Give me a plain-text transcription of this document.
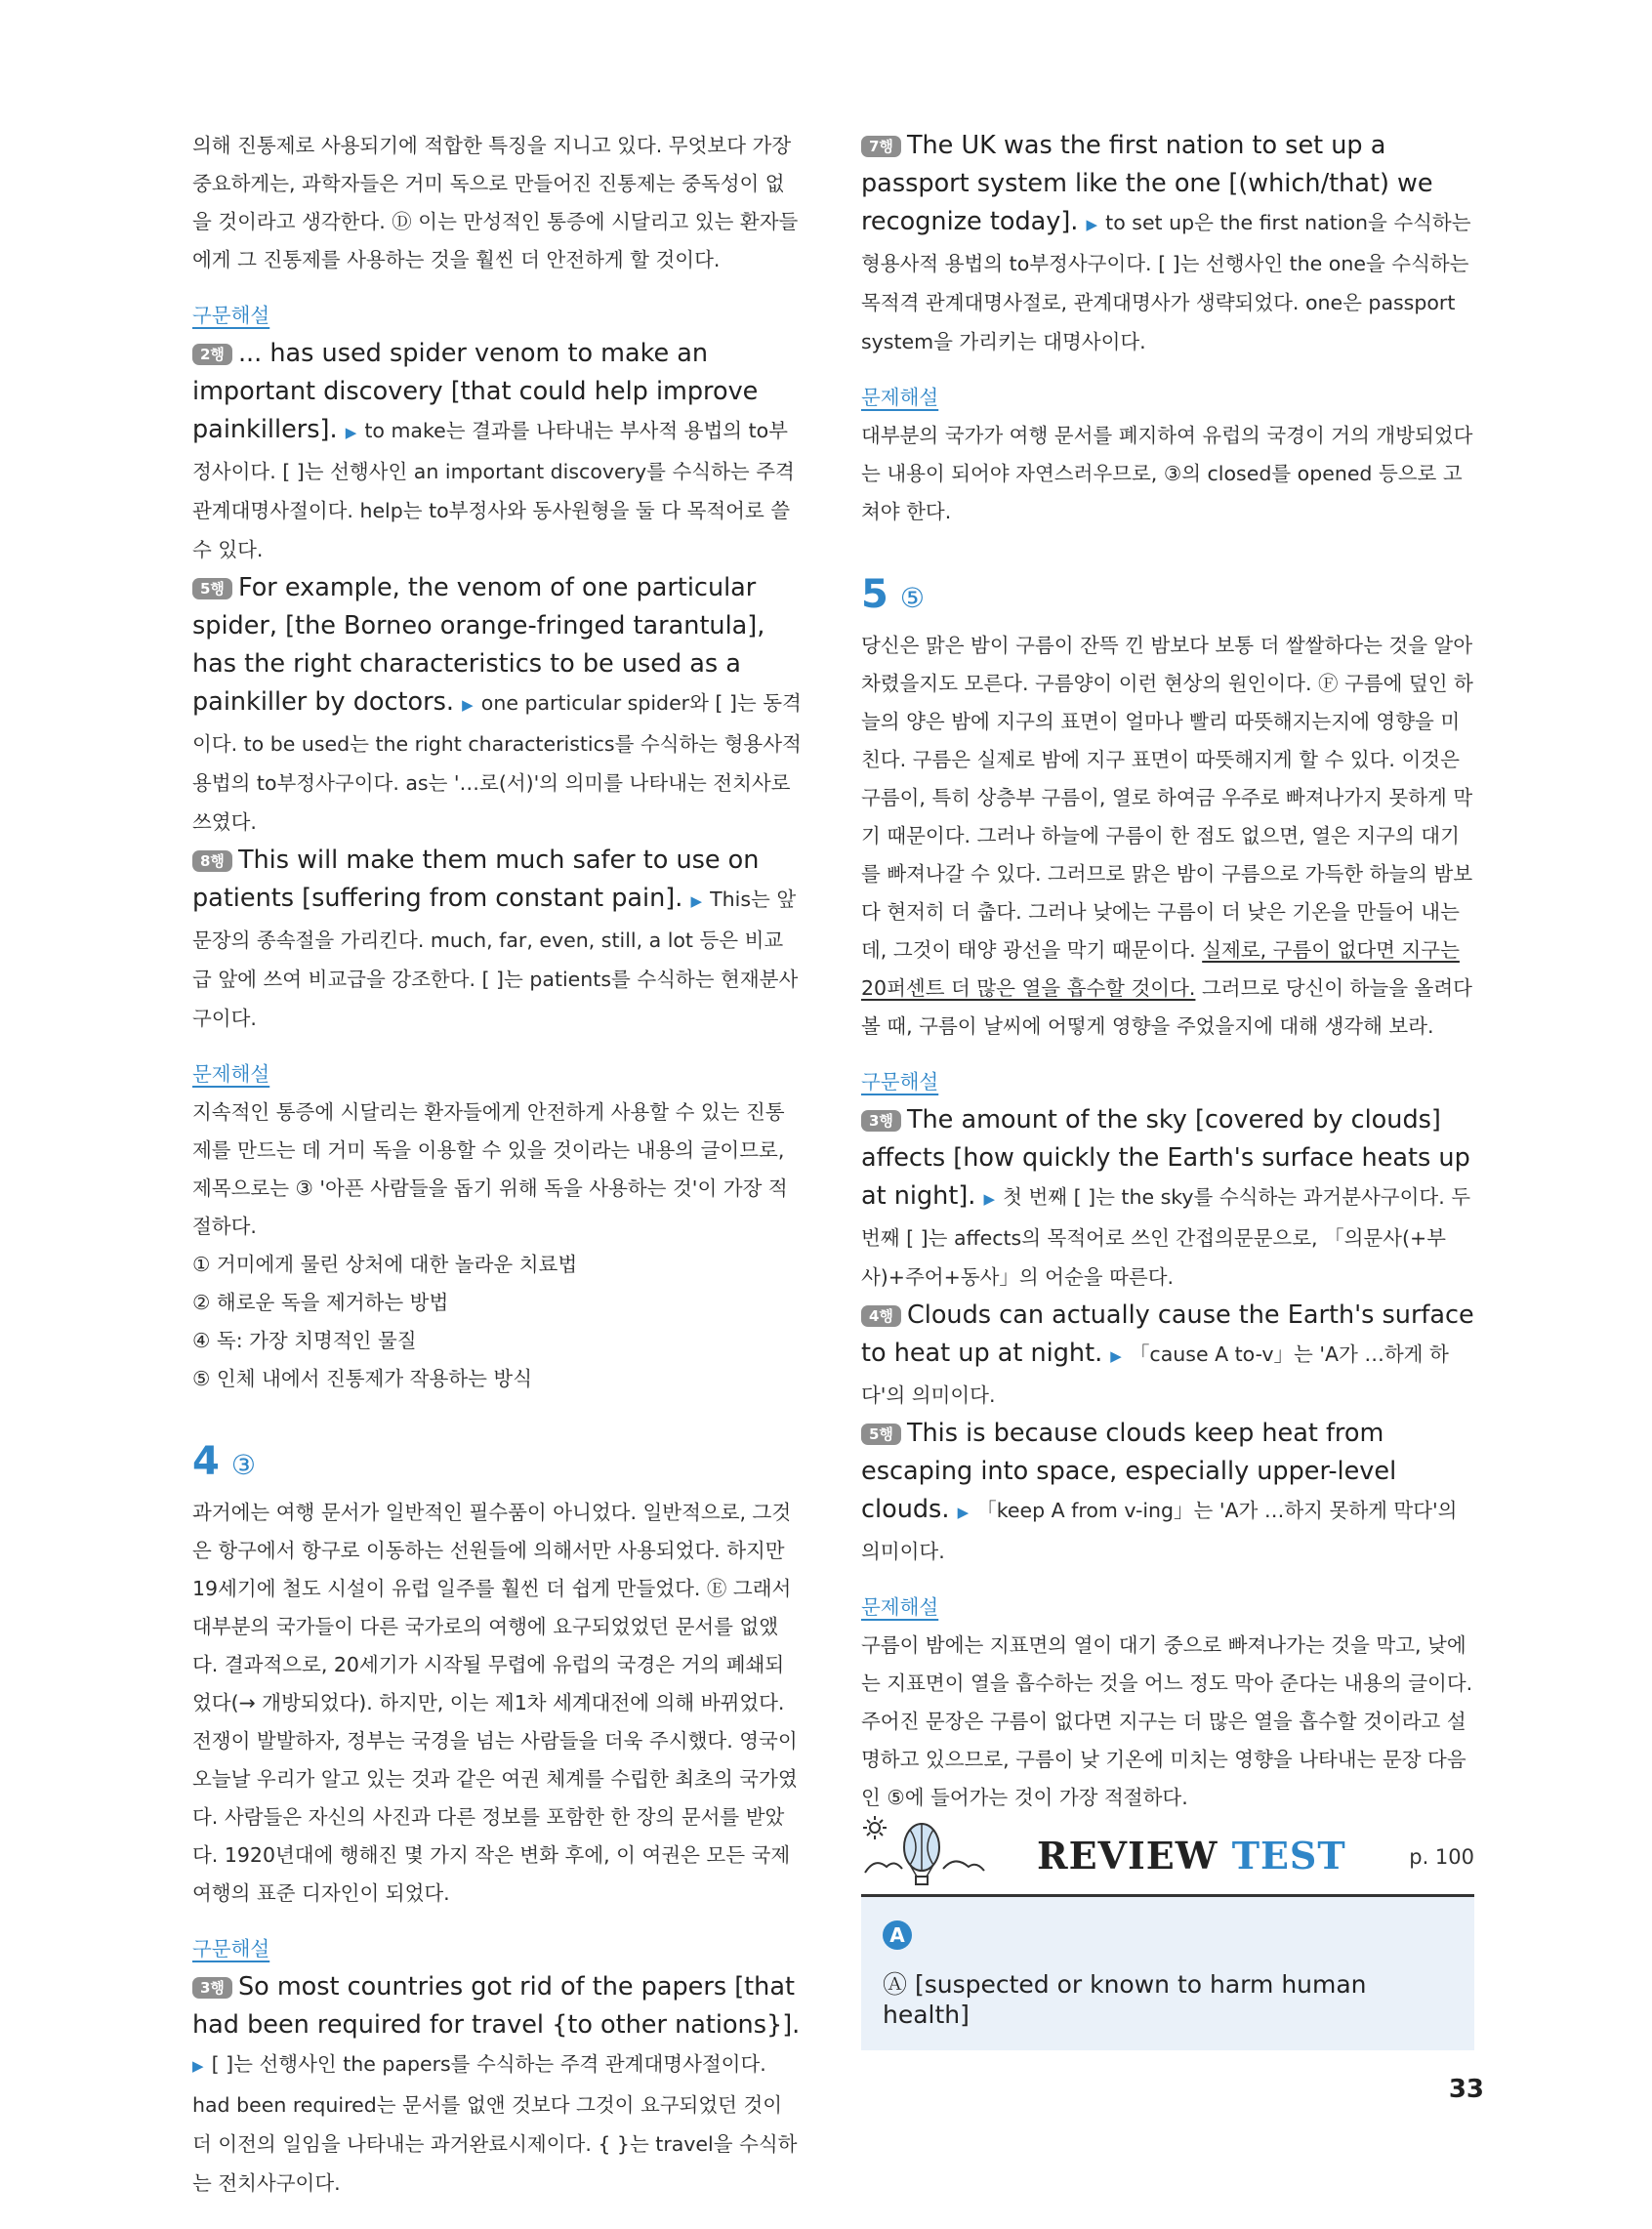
의해 진통제로 사용되기에 적합한 특징을 지니고 있다. 무엇보다 가장 중요하게는, 과학자들은 거미 독으로 만들어진 진통제는 중독성이 없을 것이라고 생각한다. Ⓓ 이는 만성적인 통증에 시달리고 있는 환자들에게 그 진통제를 사용하는 것을 훨씬 더 안전하게 할 것이다.

구문해설

2행 ... has used spider venom to make an important discovery [that could help improve painkillers]. ▶ to make는 결과를 나타내는 부사적 용법의 to부정사이다. [ ]는 선행사인 an important discovery를 수식하는 주격 관계대명사절이다. help는 to부정사와 동사원형을 둘 다 목적어로 쓸 수 있다.

5행 For example, the venom of one particular spider, [the Borneo orange-fringed tarantula], has the right characteristics to be used as a painkiller by doctors. ▶ one particular spider와 [ ]는 동격이다. to be used는 the right characteristics를 수식하는 형용사적 용법의 to부정사구이다. as는 '…로(서)'의 의미를 나타내는 전치사로 쓰였다.

8행 This will make them much safer to use on patients [suffering from constant pain]. ▶ This는 앞 문장의 종속절을 가리킨다. much, far, even, still, a lot 등은 비교급 앞에 쓰여 비교급을 강조한다. [ ]는 patients를 수식하는 현재분사구이다.

문제해설

지속적인 통증에 시달리는 환자들에게 안전하게 사용할 수 있는 진통제를 만드는 데 거미 독을 이용할 수 있을 것이라는 내용의 글이므로, 제목으로는 ③ '아픈 사람들을 돕기 위해 독을 사용하는 것'이 가장 적절하다.

① 거미에게 물린 상처에 대한 놀라운 치료법

② 해로운 독을 제거하는 방법

④ 독: 가장 치명적인 물질

⑤ 인체 내에서 진통제가 작용하는 방식

4 ③

과거에는 여행 문서가 일반적인 필수품이 아니었다. 일반적으로, 그것은 항구에서 항구로 이동하는 선원들에 의해서만 사용되었다. 하지만 19세기에 철도 시설이 유럽 일주를 훨씬 더 쉽게 만들었다. Ⓔ 그래서 대부분의 국가들이 다른 국가로의 여행에 요구되었었던 문서를 없앴다. 결과적으로, 20세기가 시작될 무렵에 유럽의 국경은 거의 폐쇄되었다(→ 개방되었다). 하지만, 이는 제1차 세계대전에 의해 바뀌었다. 전쟁이 발발하자, 정부는 국경을 넘는 사람들을 더욱 주시했다. 영국이 오늘날 우리가 알고 있는 것과 같은 여권 체계를 수립한 최초의 국가였다. 사람들은 자신의 사진과 다른 정보를 포함한 한 장의 문서를 받았다. 1920년대에 행해진 몇 가지 작은 변화 후에, 이 여권은 모든 국제 여행의 표준 디자인이 되었다.

구문해설

3행 So most countries got rid of the papers [that had been required for travel {to other nations}]. ▶ [ ]는 선행사인 the papers를 수식하는 주격 관계대명사절이다. had been required는 문서를 없앤 것보다 그것이 요구되었던 것이 더 이전의 일임을 나타내는 과거완료시제이다. { }는 travel을 수식하는 전치사구이다.

7행 The UK was the first nation to set up a passport system like the one [(which/that) we recognize today]. ▶ to set up은 the first nation을 수식하는 형용사적 용법의 to부정사구이다. [ ]는 선행사인 the one을 수식하는 목적격 관계대명사절로, 관계대명사가 생략되었다. one은 passport system을 가리키는 대명사이다.

문제해설

대부분의 국가가 여행 문서를 폐지하여 유럽의 국경이 거의 개방되었다는 내용이 되어야 자연스러우므로, ③의 closed를 opened 등으로 고쳐야 한다.

5 ⑤

당신은 맑은 밤이 구름이 잔뜩 낀 밤보다 보통 더 쌀쌀하다는 것을 알아차렸을지도 모른다. 구름양이 이런 현상의 원인이다. Ⓕ 구름에 덮인 하늘의 양은 밤에 지구의 표면이 얼마나 빨리 따뜻해지는지에 영향을 미친다. 구름은 실제로 밤에 지구 표면이 따뜻해지게 할 수 있다. 이것은 구름이, 특히 상층부 구름이, 열로 하여금 우주로 빠져나가지 못하게 막기 때문이다. 그러나 하늘에 구름이 한 점도 없으면, 열은 지구의 대기를 빠져나갈 수 있다. 그러므로 맑은 밤이 구름으로 가득한 하늘의 밤보다 현저히 더 춥다. 그러나 낮에는 구름이 더 낮은 기온을 만들어 내는데, 그것이 태양 광선을 막기 때문이다. 실제로, 구름이 없다면 지구는 20퍼센트 더 많은 열을 흡수할 것이다. 그러므로 당신이 하늘을 올려다볼 때, 구름이 날씨에 어떻게 영향을 주었을지에 대해 생각해 보라.

구문해설

3행 The amount of the sky [covered by clouds] affects [how quickly the Earth's surface heats up at night]. ▶ 첫 번째 [ ]는 the sky를 수식하는 과거분사구이다. 두 번째 [ ]는 affects의 목적어로 쓰인 간접의문문으로, 「의문사(+부사)+주어+동사」의 어순을 따른다.

4행 Clouds can actually cause the Earth's surface to heat up at night. ▶ 「cause A to-v」는 'A가 …하게 하다'의 의미이다.

5행 This is because clouds keep heat from escaping into space, especially upper-level clouds. ▶ 「keep A from v-ing」는 'A가 …하지 못하게 막다'의 의미이다.

문제해설

구름이 밤에는 지표면의 열이 대기 중으로 빠져나가는 것을 막고, 낮에는 지표면이 열을 흡수하는 것을 어느 정도 막아 준다는 내용의 글이다. 주어진 문장은 구름이 없다면 지구는 더 많은 열을 흡수할 것이라고 설명하고 있으므로, 구름이 낮 기온에 미치는 영향을 나타내는 문장 다음인 ⑤에 들어가는 것이 가장 적절하다.

REVIEW TEST	p. 100
A

Ⓐ [suspected or known to harm human health]

33
